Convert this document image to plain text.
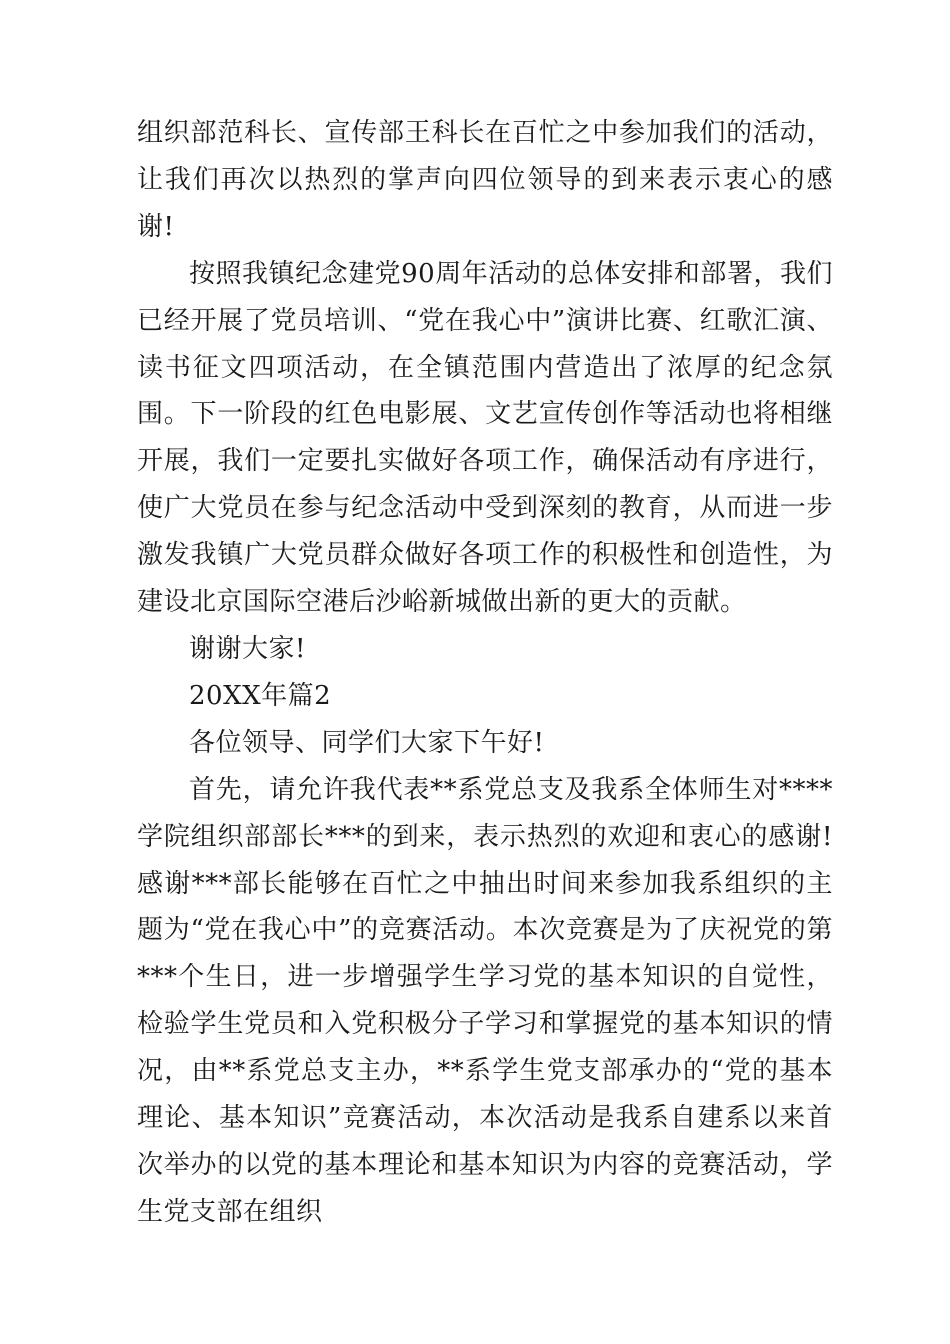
组织部范科长、宣传部王科长在百忙之中参加我们的活动，让我们再次以热烈的掌声向四位领导的到来表示衷心的感谢!

按照我镇纪念建党90周年活动的总体安排和部署，我们已经开展了党员培训、“党在我心中”演讲比赛、红歌汇演、读书征文四项活动，在全镇范围内营造出了浓厚的纪念氛围。下一阶段的红色电影展、文艺宣传创作等活动也将相继开展，我们一定要扎实做好各项工作，确保活动有序进行，使广大党员在参与纪念活动中受到深刻的教育，从而进一步激发我镇广大党员群众做好各项工作的积极性和创造性，为建设北京国际空港后沙峪新城做出新的更大的贡献。

谢谢大家!

20XX年篇2

各位领导、同学们大家下午好!

首先，请允许我代表**系党总支及我系全体师生对****学院组织部部长***的到来，表示热烈的欢迎和衷心的感谢!感谢***部长能够在百忙之中抽出时间来参加我系组织的主题为“党在我心中”的竞赛活动。本次竞赛是为了庆祝党的第***个生日，进一步增强学生学习党的基本知识的自觉性，检验学生党员和入党积极分子学习和掌握党的基本知识的情况，由**系党总支主办，**系学生党支部承办的“党的基本理论、基本知识”竞赛活动，本次活动是我系自建系以来首次举办的以党的基本理论和基本知识为内容的竞赛活动，学生党支部在组织
